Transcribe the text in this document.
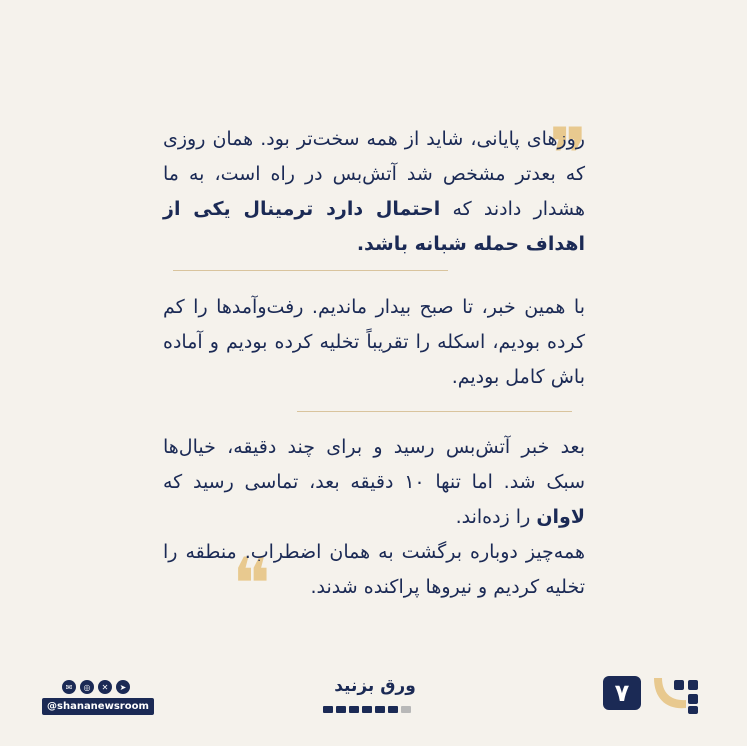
❞
روزهای پایانی، شاید از همه سخت‌تر بود. همان روزی که بعدتر مشخص شد آتش‌بس در راه است، به ما هشدار دادند که احتمال دارد ترمینال یکی از اهداف حمله شبانه باشد.
با همین خبر، تا صبح بیدار ماندیم. رفت‌وآمدها را کم کرده بودیم، اسکله را تقریباً تخلیه کرده بودیم و آماده باش کامل بودیم.
بعد خبر آتش‌بس رسید و برای چند دقیقه، خیال‌ها سبک شد. اما تنها ۱۰ دقیقه بعد، تماسی رسید که لاوان را زده‌اند.
همه‌چیز دوباره برگشت به همان اضطراب. منطقه را تخلیه کردیم و نیروها پراکنده شدند.
❝
✉	◎	✕	➤
@shananewsroom
ورق بزنید	۷
